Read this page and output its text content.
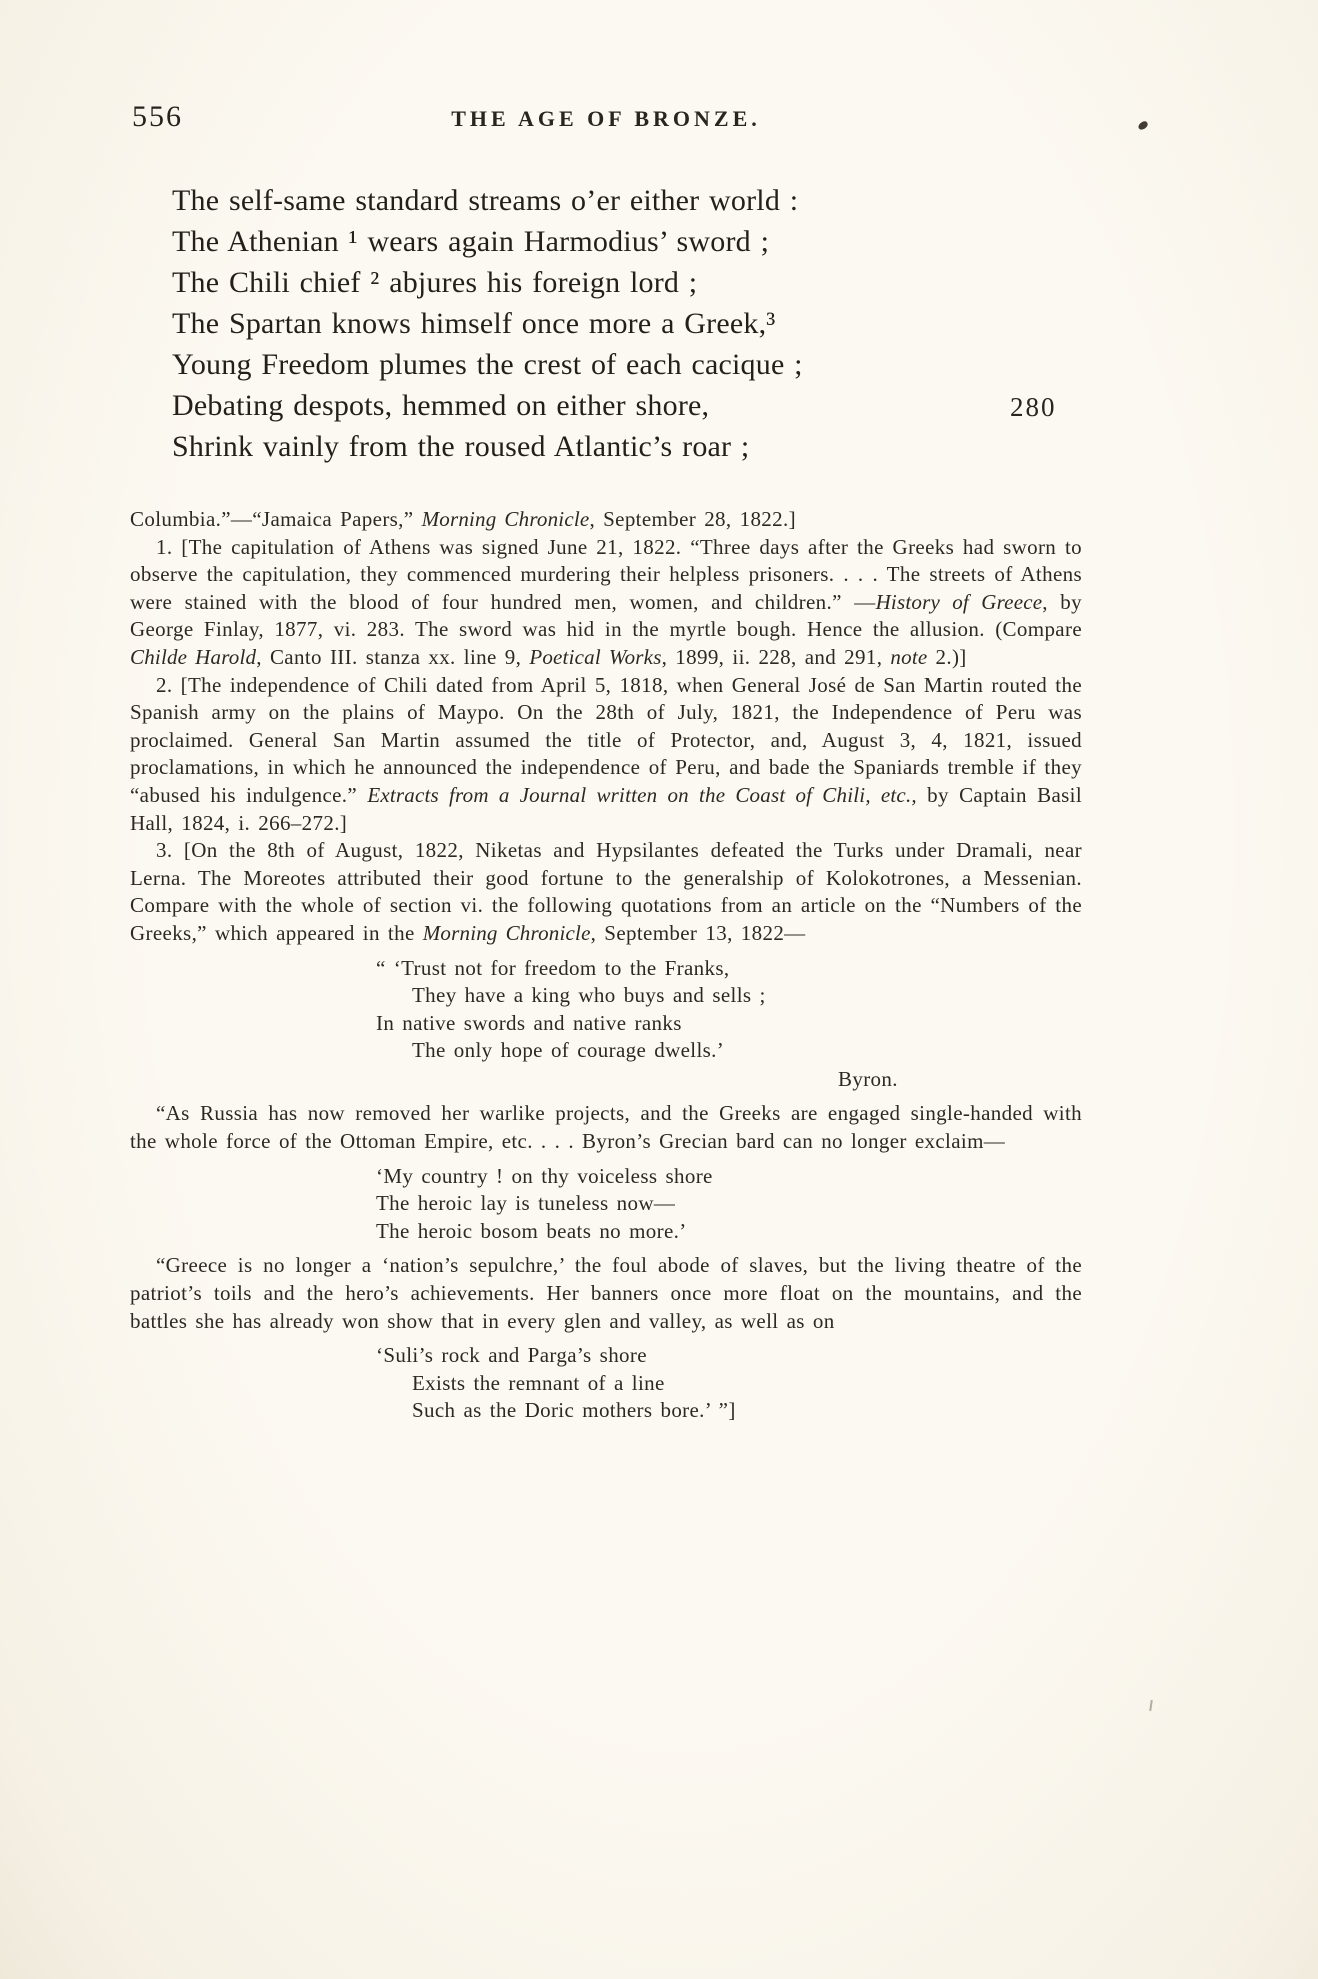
556	THE AGE OF BRONZE.
The self-same standard streams o’er either world :
The Athenian ¹ wears again Harmodius’ sword ;
The Chili chief ² abjures his foreign lord ;
The Spartan knows himself once more a Greek,³
Young Freedom plumes the crest of each cacique ;
Debating despots, hemmed on either shore,	280
Shrink vainly from the roused Atlantic’s roar ;

Columbia.”—“Jamaica Papers,” Morning Chronicle, September 28, 1822.]

1. [The capitulation of Athens was signed June 21, 1822. “Three days after the Greeks had sworn to observe the capitulation, they commenced murdering their helpless prisoners. . . . The streets of Athens were stained with the blood of four hundred men, women, and children.” —History of Greece, by George Finlay, 1877, vi. 283. The sword was hid in the myrtle bough. Hence the allusion. (Compare Childe Harold, Canto III. stanza xx. line 9, Poetical Works, 1899, ii. 228, and 291, note 2.)]

2. [The independence of Chili dated from April 5, 1818, when General José de San Martin routed the Spanish army on the plains of Maypo. On the 28th of July, 1821, the Independence of Peru was proclaimed. General San Martin assumed the title of Protector, and, August 3, 4, 1821, issued proclamations, in which he announced the independence of Peru, and bade the Spaniards tremble if they “abused his indulgence.” Extracts from a Journal written on the Coast of Chili, etc., by Captain Basil Hall, 1824, i. 266–272.]

3. [On the 8th of August, 1822, Niketas and Hypsilantes defeated the Turks under Dramali, near Lerna. The Moreotes attributed their good fortune to the generalship of Kolokotrones, a Messenian. Compare with the whole of section vi. the following quotations from an article on the “Numbers of the Greeks,” which appeared in the Morning Chronicle, September 13, 1822—

“ ‘Trust not for freedom to the Franks,
They have a king who buys and sells ;
In native swords and native ranks
The only hope of courage dwells.’
Byron.

“As Russia has now removed her warlike projects, and the Greeks are engaged single-handed with the whole force of the Ottoman Empire, etc. . . . Byron’s Grecian bard can no longer exclaim—

‘My country ! on thy voiceless shore
The heroic lay is tuneless now—
The heroic bosom beats no more.’

“Greece is no longer a ‘nation’s sepulchre,’ the foul abode of slaves, but the living theatre of the patriot’s toils and the hero’s achievements. Her banners once more float on the mountains, and the battles she has already won show that in every glen and valley, as well as on

‘Suli’s rock and Parga’s shore
Exists the remnant of a line
Such as the Doric mothers bore.’ ”]
